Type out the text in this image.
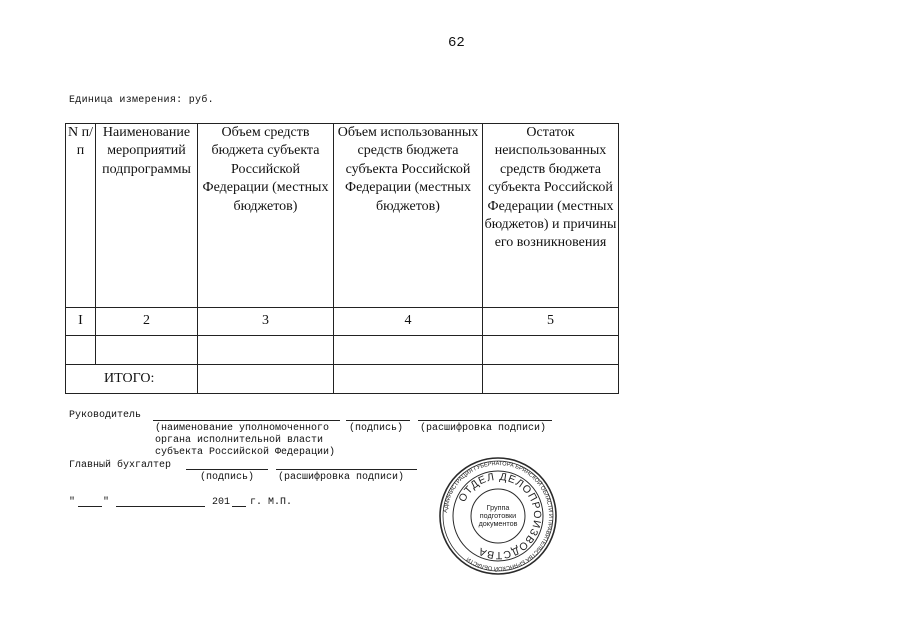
62
Единица измерения: руб.
N п/п	Наименование мероприятий подпрограммы	Объем средств бюджета субъекта Российской Федерации (местных бюджетов)	Объем использованных средств бюджета субъекта Российской Федерации (местных бюджетов)	Остаток неиспользованных средств бюджета субъекта Российской Федерации (местных бюджетов) и причины его возникновения
I	2	3	4	5

ИТОГО:				
Руководитель
(наименование уполномоченного (подпись) (расшифровка подписи)
органа исполнительной власти
субъекта Российской Федерации)
Главный бухгалтер
(подпись) (расшифровка подписи)
"	"	201 г. М.П.
АДМИНИСТРАЦИЯ ГУБЕРНАТОРА БРЯНСКОЙ ОБЛАСТИ И ПРАВИТЕЛЬСТВА БРЯНСКОЙ ОБЛАСТИ
ОТДЕЛ ДЕЛОПРОИЗВОДСТВА
Группа
подготовки
документов
